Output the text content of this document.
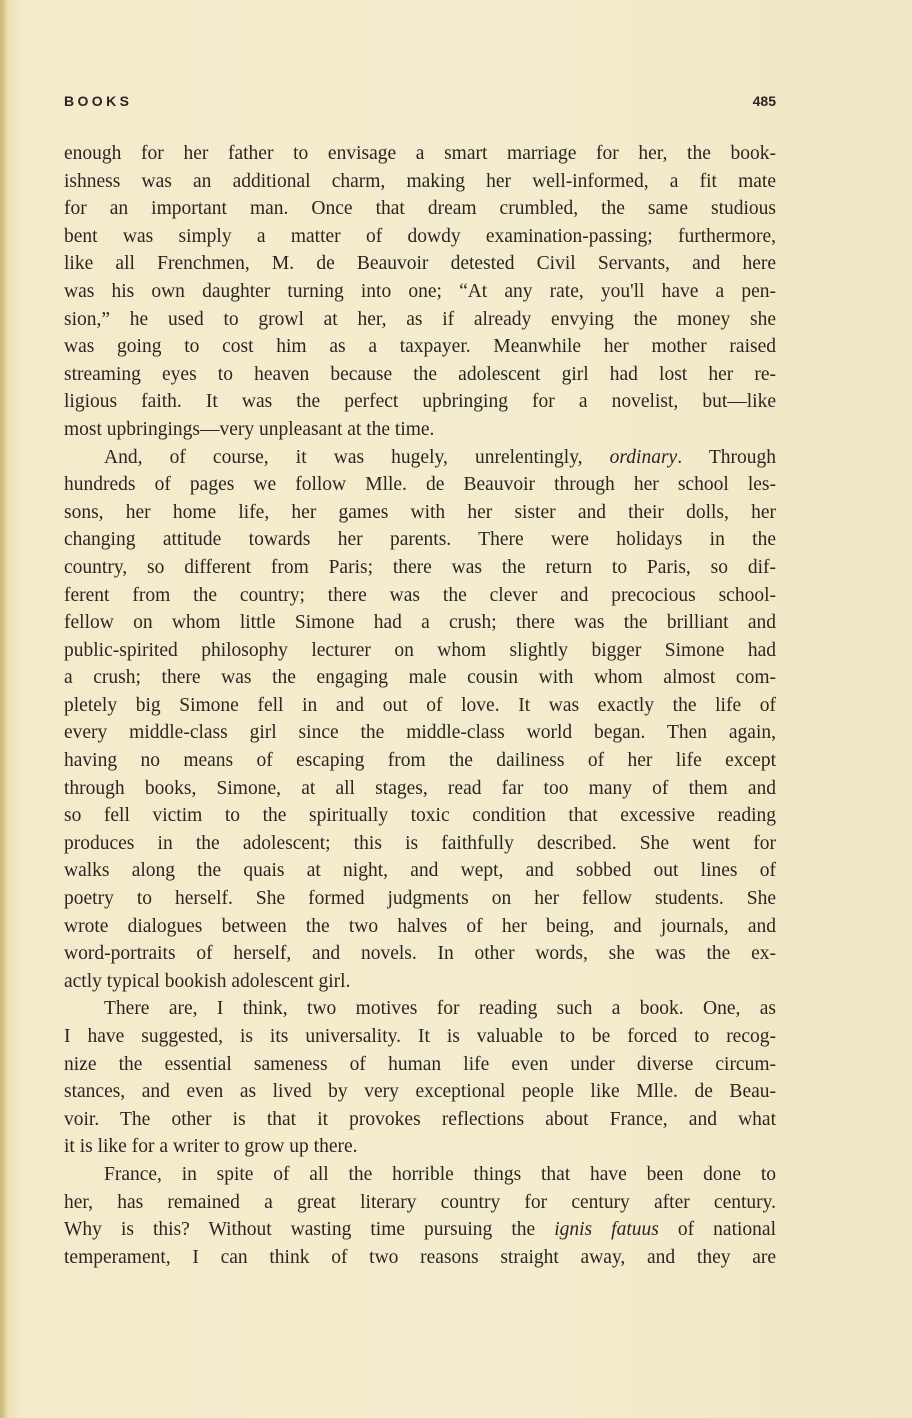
BOOKS	485
enough for her father to envisage a smart marriage for her, the book-
ishness was an additional charm, making her well-informed, a fit mate
for an important man. Once that dream crumbled, the same studious
bent was simply a matter of dowdy examination-passing; furthermore,
like all Frenchmen, M. de Beauvoir detested Civil Servants, and here
was his own daughter turning into one; “At any rate, you'll have a pen-
sion,” he used to growl at her, as if already envying the money she
was going to cost him as a taxpayer. Meanwhile her mother raised
streaming eyes to heaven because the adolescent girl had lost her re-
ligious faith. It was the perfect upbringing for a novelist, but—like
most upbringings—very unpleasant at the time.
And, of course, it was hugely, unrelentingly, ordinary. Through
hundreds of pages we follow Mlle. de Beauvoir through her school les-
sons, her home life, her games with her sister and their dolls, her
changing attitude towards her parents. There were holidays in the
country, so different from Paris; there was the return to Paris, so dif-
ferent from the country; there was the clever and precocious school-
fellow on whom little Simone had a crush; there was the brilliant and
public-spirited philosophy lecturer on whom slightly bigger Simone had
a crush; there was the engaging male cousin with whom almost com-
pletely big Simone fell in and out of love. It was exactly the life of
every middle-class girl since the middle-class world began. Then again,
having no means of escaping from the dailiness of her life except
through books, Simone, at all stages, read far too many of them and
so fell victim to the spiritually toxic condition that excessive reading
produces in the adolescent; this is faithfully described. She went for
walks along the quais at night, and wept, and sobbed out lines of
poetry to herself. She formed judgments on her fellow students. She
wrote dialogues between the two halves of her being, and journals, and
word-portraits of herself, and novels. In other words, she was the ex-
actly typical bookish adolescent girl.
There are, I think, two motives for reading such a book. One, as
I have suggested, is its universality. It is valuable to be forced to recog-
nize the essential sameness of human life even under diverse circum-
stances, and even as lived by very exceptional people like Mlle. de Beau-
voir. The other is that it provokes reflections about France, and what
it is like for a writer to grow up there.
France, in spite of all the horrible things that have been done to
her, has remained a great literary country for century after century.
Why is this? Without wasting time pursuing the ignis fatuus of national
temperament, I can think of two reasons straight away, and they are
